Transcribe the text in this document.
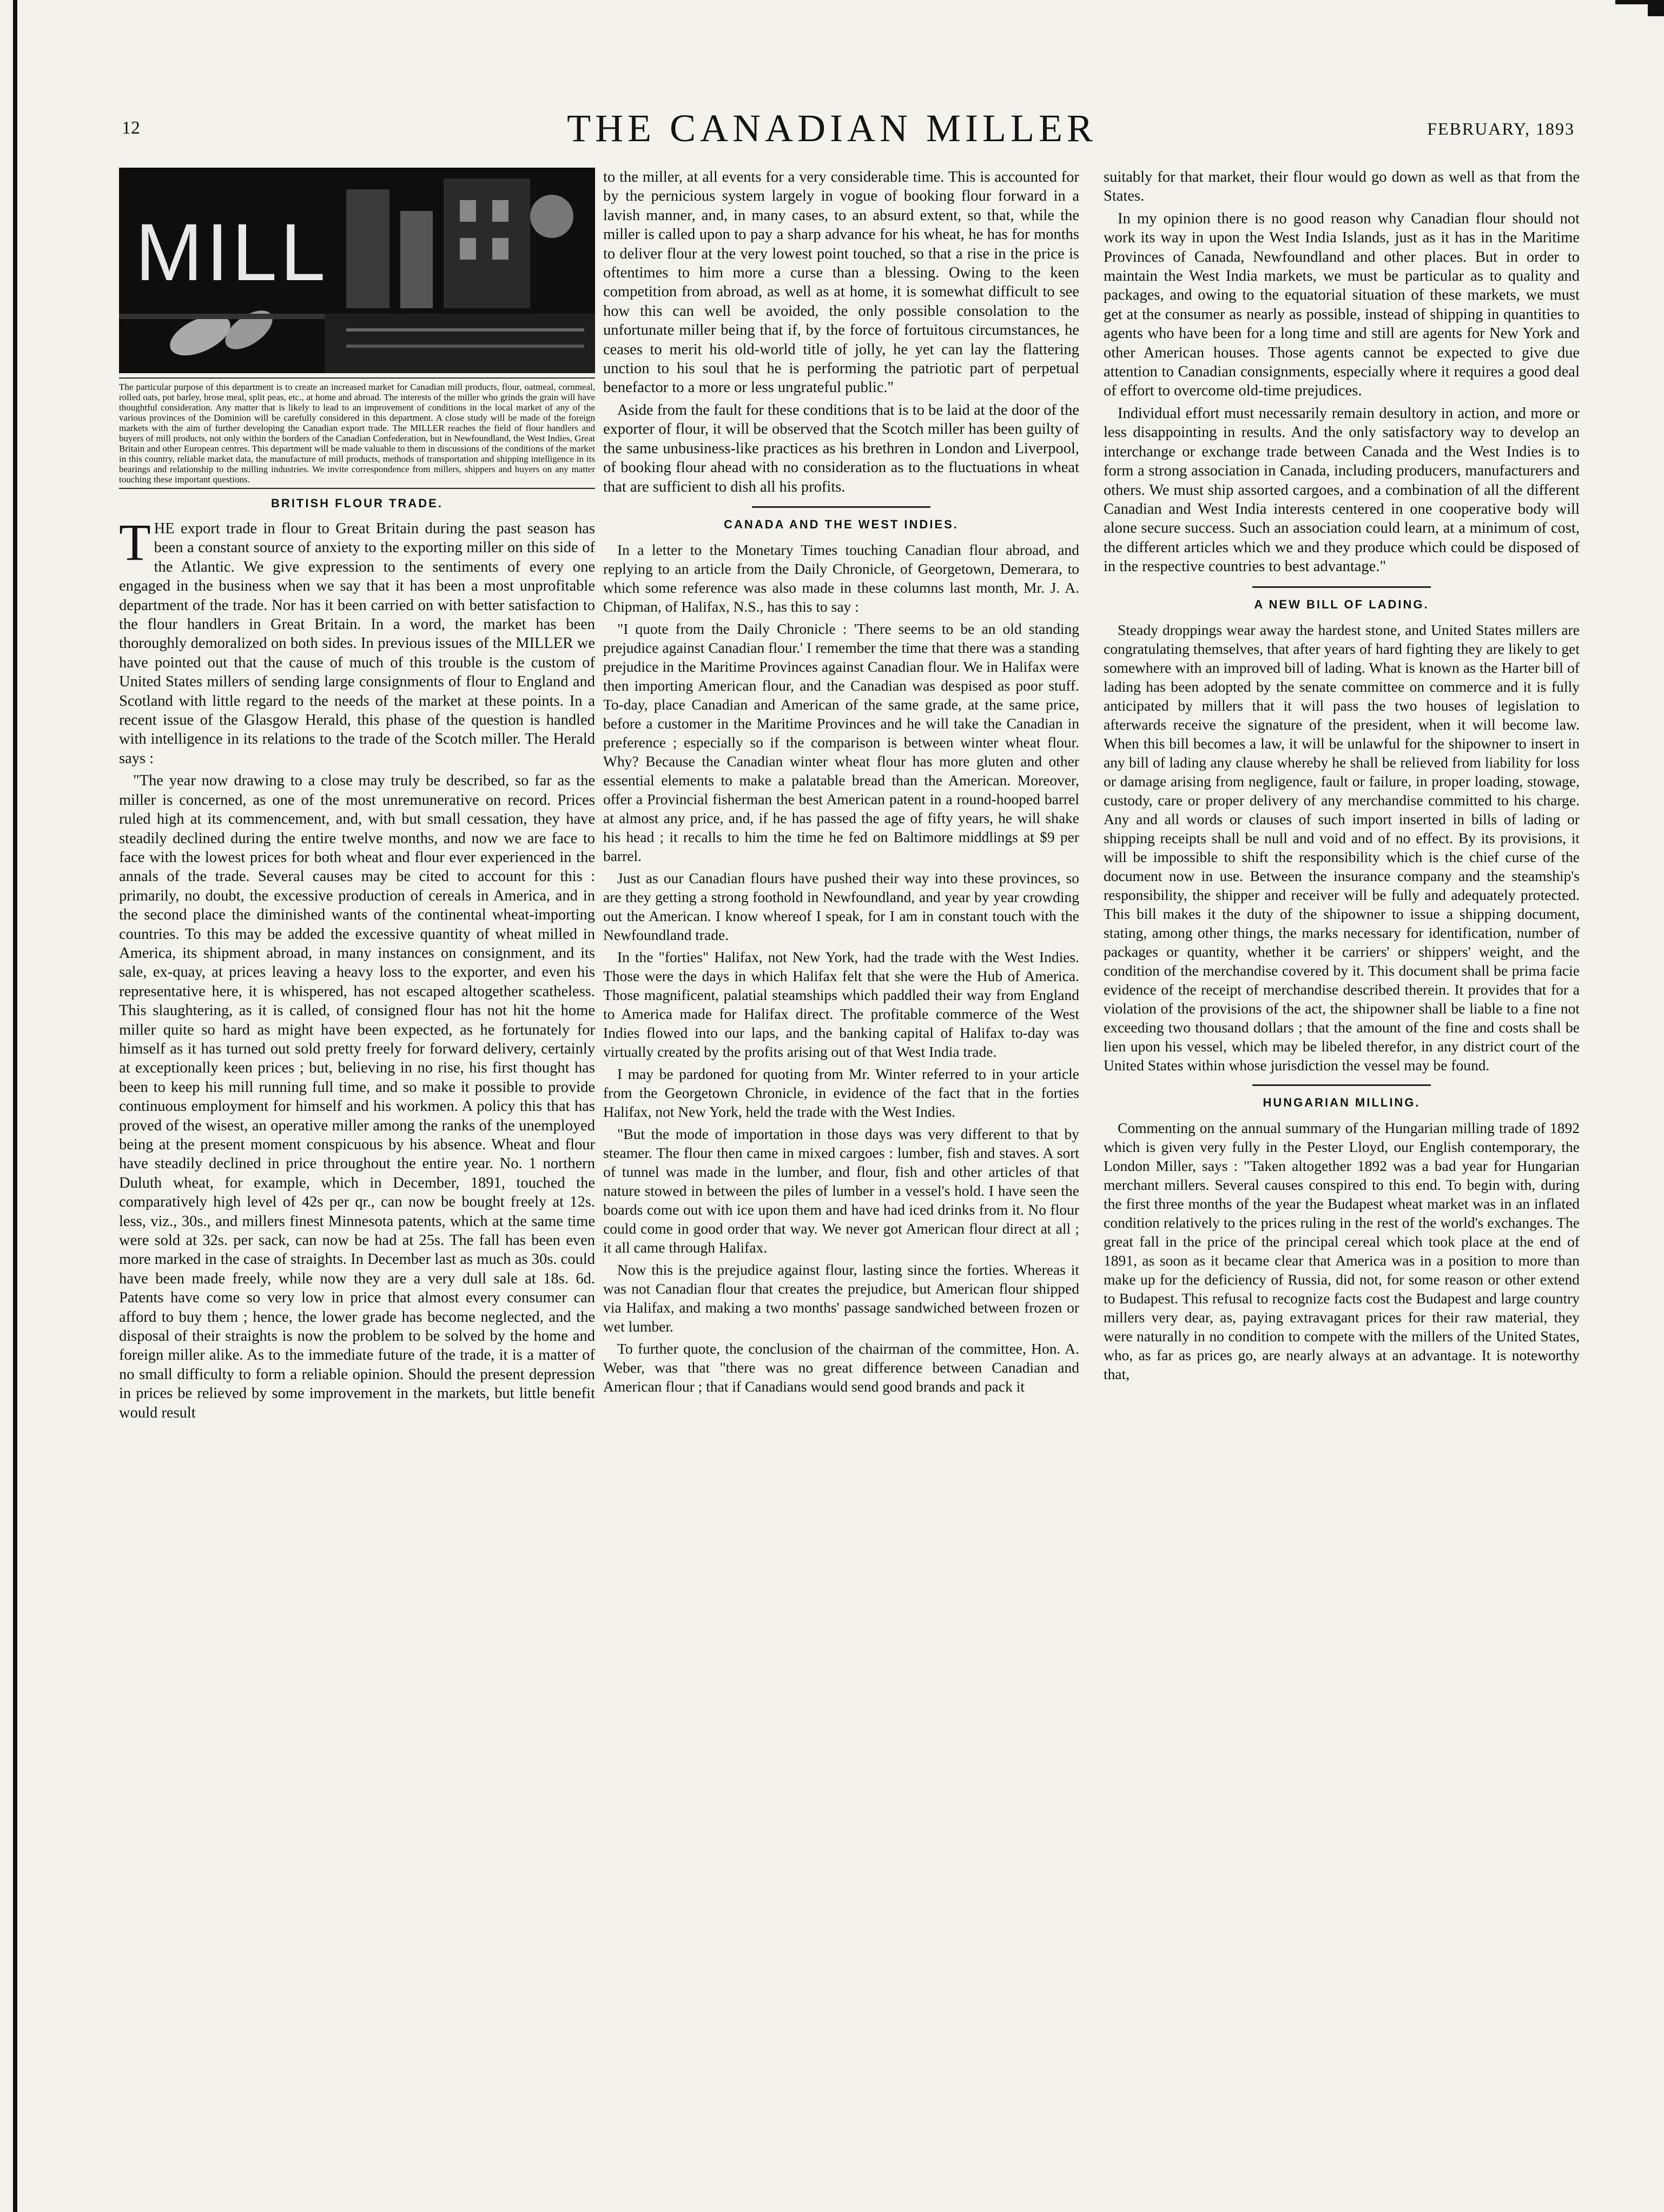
12	THE CANADIAN MILLER	FEBRUARY, 1893
MILL

The particular purpose of this department is to create an increased market for Canadian mill products, flour, oatmeal, cornmeal, rolled oats, pot barley, brose meal, split peas, etc., at home and abroad. The interests of the miller who grinds the grain will have thoughtful consideration. Any matter that is likely to lead to an improvement of conditions in the local market of any of the various provinces of the Dominion will be carefully considered in this department. A close study will be made of the foreign markets with the aim of further developing the Canadian export trade. The MILLER reaches the field of flour handlers and buyers of mill products, not only within the borders of the Canadian Confederation, but in Newfoundland, the West Indies, Great Britain and other European centres. This department will be made valuable to them in discussions of the conditions of the market in this country, reliable market data, the manufacture of mill products, methods of transportation and shipping intelligence in its bearings and relationship to the milling industries. We invite correspondence from millers, shippers and buyers on any matter touching these important questions.

BRITISH FLOUR TRADE.

THE export trade in flour to Great Britain during the past season has been a constant source of anxiety to the exporting miller on this side of the Atlantic. We give expression to the sentiments of every one engaged in the business when we say that it has been a most unprofitable department of the trade. Nor has it been carried on with better satisfaction to the flour handlers in Great Britain. In a word, the market has been thoroughly demoralized on both sides. In previous issues of the MILLER we have pointed out that the cause of much of this trouble is the custom of United States millers of sending large consignments of flour to England and Scotland with little regard to the needs of the market at these points. In a recent issue of the Glasgow Herald, this phase of the question is handled with intelligence in its relations to the trade of the Scotch miller. The Herald says :

"The year now drawing to a close may truly be described, so far as the miller is concerned, as one of the most unremunerative on record. Prices ruled high at its commencement, and, with but small cessation, they have steadily declined during the entire twelve months, and now we are face to face with the lowest prices for both wheat and flour ever experienced in the annals of the trade. Several causes may be cited to account for this : primarily, no doubt, the excessive production of cereals in America, and in the second place the diminished wants of the continental wheat-importing countries. To this may be added the excessive quantity of wheat milled in America, its shipment abroad, in many instances on consignment, and its sale, ex-quay, at prices leaving a heavy loss to the exporter, and even his representative here, it is whispered, has not escaped altogether scatheless. This slaughtering, as it is called, of consigned flour has not hit the home miller quite so hard as might have been expected, as he fortunately for himself as it has turned out sold pretty freely for forward delivery, certainly at exceptionally keen prices ; but, believing in no rise, his first thought has been to keep his mill running full time, and so make it possible to provide continuous employment for himself and his workmen. A policy this that has proved of the wisest, an operative miller among the ranks of the unemployed being at the present moment conspicuous by his absence. Wheat and flour have steadily declined in price throughout the entire year. No. 1 northern Duluth wheat, for example, which in December, 1891, touched the comparatively high level of 42s per qr., can now be bought freely at 12s. less, viz., 30s., and millers finest Minnesota patents, which at the same time were sold at 32s. per sack, can now be had at 25s. The fall has been even more marked in the case of straights. In December last as much as 30s. could have been made freely, while now they are a very dull sale at 18s. 6d. Patents have come so very low in price that almost every consumer can afford to buy them ; hence, the lower grade has become neglected, and the disposal of their straights is now the problem to be solved by the home and foreign miller alike. As to the immediate future of the trade, it is a matter of no small difficulty to form a reliable opinion. Should the present depression in prices be relieved by some improvement in the markets, but little benefit would result

to the miller, at all events for a very considerable time. This is accounted for by the pernicious system largely in vogue of booking flour forward in a lavish manner, and, in many cases, to an absurd extent, so that, while the miller is called upon to pay a sharp advance for his wheat, he has for months to deliver flour at the very lowest point touched, so that a rise in the price is oftentimes to him more a curse than a blessing. Owing to the keen competition from abroad, as well as at home, it is somewhat difficult to see how this can well be avoided, the only possible consolation to the unfortunate miller being that if, by the force of fortuitous circumstances, he ceases to merit his old-world title of jolly, he yet can lay the flattering unction to his soul that he is performing the patriotic part of perpetual benefactor to a more or less ungrateful public."

Aside from the fault for these conditions that is to be laid at the door of the exporter of flour, it will be observed that the Scotch miller has been guilty of the same unbusiness-like practices as his brethren in London and Liverpool, of booking flour ahead with no consideration as to the fluctuations in wheat that are sufficient to dish all his profits.

CANADA AND THE WEST INDIES.

In a letter to the Monetary Times touching Canadian flour abroad, and replying to an article from the Daily Chronicle, of Georgetown, Demerara, to which some reference was also made in these columns last month, Mr. J. A. Chipman, of Halifax, N.S., has this to say :

"I quote from the Daily Chronicle : 'There seems to be an old standing prejudice against Canadian flour.' I remember the time that there was a standing prejudice in the Maritime Provinces against Canadian flour. We in Halifax were then importing American flour, and the Canadian was despised as poor stuff. To-day, place Canadian and American of the same grade, at the same price, before a customer in the Maritime Provinces and he will take the Canadian in preference ; especially so if the comparison is between winter wheat flour. Why? Because the Canadian winter wheat flour has more gluten and other essential elements to make a palatable bread than the American. Moreover, offer a Provincial fisherman the best American patent in a round-hooped barrel at almost any price, and, if he has passed the age of fifty years, he will shake his head ; it recalls to him the time he fed on Baltimore middlings at $9 per barrel.

Just as our Canadian flours have pushed their way into these provinces, so are they getting a strong foothold in Newfoundland, and year by year crowding out the American. I know whereof I speak, for I am in constant touch with the Newfoundland trade.

In the "forties" Halifax, not New York, had the trade with the West Indies. Those were the days in which Halifax felt that she were the Hub of America. Those magnificent, palatial steamships which paddled their way from England to America made for Halifax direct. The profitable commerce of the West Indies flowed into our laps, and the banking capital of Halifax to-day was virtually created by the profits arising out of that West India trade.

I may be pardoned for quoting from Mr. Winter referred to in your article from the Georgetown Chronicle, in evidence of the fact that in the forties Halifax, not New York, held the trade with the West Indies.

"But the mode of importation in those days was very different to that by steamer. The flour then came in mixed cargoes : lumber, fish and staves. A sort of tunnel was made in the lumber, and flour, fish and other articles of that nature stowed in between the piles of lumber in a vessel's hold. I have seen the boards come out with ice upon them and have had iced drinks from it. No flour could come in good order that way. We never got American flour direct at all ; it all came through Halifax.

Now this is the prejudice against flour, lasting since the forties. Whereas it was not Canadian flour that creates the prejudice, but American flour shipped via Halifax, and making a two months' passage sandwiched between frozen or wet lumber.

To further quote, the conclusion of the chairman of the committee, Hon. A. Weber, was that "there was no great difference between Canadian and American flour ; that if Canadians would send good brands and pack it

suitably for that market, their flour would go down as well as that from the States.

In my opinion there is no good reason why Canadian flour should not work its way in upon the West India Islands, just as it has in the Maritime Provinces of Canada, Newfoundland and other places. But in order to maintain the West India markets, we must be particular as to quality and packages, and owing to the equatorial situation of these markets, we must get at the consumer as nearly as possible, instead of shipping in quantities to agents who have been for a long time and still are agents for New York and other American houses. Those agents cannot be expected to give due attention to Canadian consignments, especially where it requires a good deal of effort to overcome old-time prejudices.

Individual effort must necessarily remain desultory in action, and more or less disappointing in results. And the only satisfactory way to develop an interchange or exchange trade between Canada and the West Indies is to form a strong association in Canada, including producers, manufacturers and others. We must ship assorted cargoes, and a combination of all the different Canadian and West India interests centered in one cooperative body will alone secure success. Such an association could learn, at a minimum of cost, the different articles which we and they produce which could be disposed of in the respective countries to best advantage."

A NEW BILL OF LADING.

Steady droppings wear away the hardest stone, and United States millers are congratulating themselves, that after years of hard fighting they are likely to get somewhere with an improved bill of lading. What is known as the Harter bill of lading has been adopted by the senate committee on commerce and it is fully anticipated by millers that it will pass the two houses of legislation to afterwards receive the signature of the president, when it will become law. When this bill becomes a law, it will be unlawful for the shipowner to insert in any bill of lading any clause whereby he shall be relieved from liability for loss or damage arising from negligence, fault or failure, in proper loading, stowage, custody, care or proper delivery of any merchandise committed to his charge. Any and all words or clauses of such import inserted in bills of lading or shipping receipts shall be null and void and of no effect. By its provisions, it will be impossible to shift the responsibility which is the chief curse of the document now in use. Between the insurance company and the steamship's responsibility, the shipper and receiver will be fully and adequately protected. This bill makes it the duty of the shipowner to issue a shipping document, stating, among other things, the marks necessary for identification, number of packages or quantity, whether it be carriers' or shippers' weight, and the condition of the merchandise covered by it. This document shall be prima facie evidence of the receipt of merchandise described therein. It provides that for a violation of the provisions of the act, the shipowner shall be liable to a fine not exceeding two thousand dollars ; that the amount of the fine and costs shall be lien upon his vessel, which may be libeled therefor, in any district court of the United States within whose jurisdiction the vessel may be found.

HUNGARIAN MILLING.

Commenting on the annual summary of the Hungarian milling trade of 1892 which is given very fully in the Pester Lloyd, our English contemporary, the London Miller, says : "Taken altogether 1892 was a bad year for Hungarian merchant millers. Several causes conspired to this end. To begin with, during the first three months of the year the Budapest wheat market was in an inflated condition relatively to the prices ruling in the rest of the world's exchanges. The great fall in the price of the principal cereal which took place at the end of 1891, as soon as it became clear that America was in a position to more than make up for the deficiency of Russia, did not, for some reason or other extend to Budapest. This refusal to recognize facts cost the Budapest and large country millers very dear, as, paying extravagant prices for their raw material, they were naturally in no condition to compete with the millers of the United States, who, as far as prices go, are nearly always at an advantage. It is noteworthy that,
